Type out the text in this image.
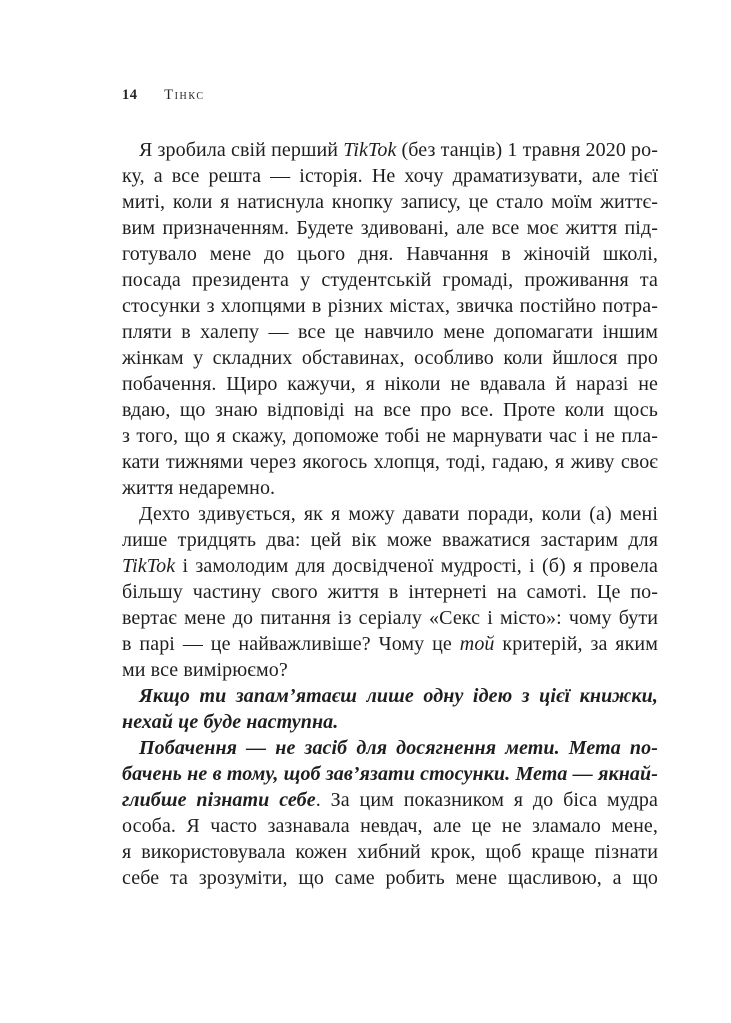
14 Тінкс
Я зробила свій перший TikTok (без танців) 1 травня 2020 ро-
ку, а все решта — історія. Не хочу драматизувати, але тієї
миті, коли я натиснула кнопку запису, це стало моїм життє-
вим призначенням. Будете здивовані, але все моє життя під-
готувало мене до цього дня. Навчання в жіночій школі,
посада президента у студентській громаді, проживання та
стосунки з хлопцями в різних містах, звичка постійно потра-
пляти в халепу — все це навчило мене допомагати іншим
жінкам у складних обставинах, особливо коли йшлося про
побачення. Щиро кажучи, я ніколи не вдавала й наразі не
вдаю, що знаю відповіді на все про все. Проте коли щось
з того, що я скажу, допоможе тобі не марнувати час і не пла-
кати тижнями через якогось хлопця, тоді, гадаю, я живу своє
життя недаремно.
Дехто здивується, як я можу давати поради, коли (а) мені
лише тридцять два: цей вік може вважатися застарим для
TikTok і замолодим для досвідченої мудрості, і (б) я провела
більшу частину свого життя в інтернеті на самоті. Це по-
вертає мене до питання із серіалу «Секс і місто»: чому бути
в парі — це найважливіше? Чому це той критерій, за яким
ми все вимірюємо?
Якщо ти запам’ятаєш лише одну ідею з цієї книжки,
нехай це буде наступна.
Побачення — не засіб для досягнення мети. Мета по-
бачень не в тому, щоб зав’язати стосунки. Мета — якнай-
глибше пізнати себе. За цим показником я до біса мудра
особа. Я часто зазнавала невдач, але це не зламало мене,
я використовувала кожен хибний крок, щоб краще пізнати
себе та зрозуміти, що саме робить мене щасливою, а що
